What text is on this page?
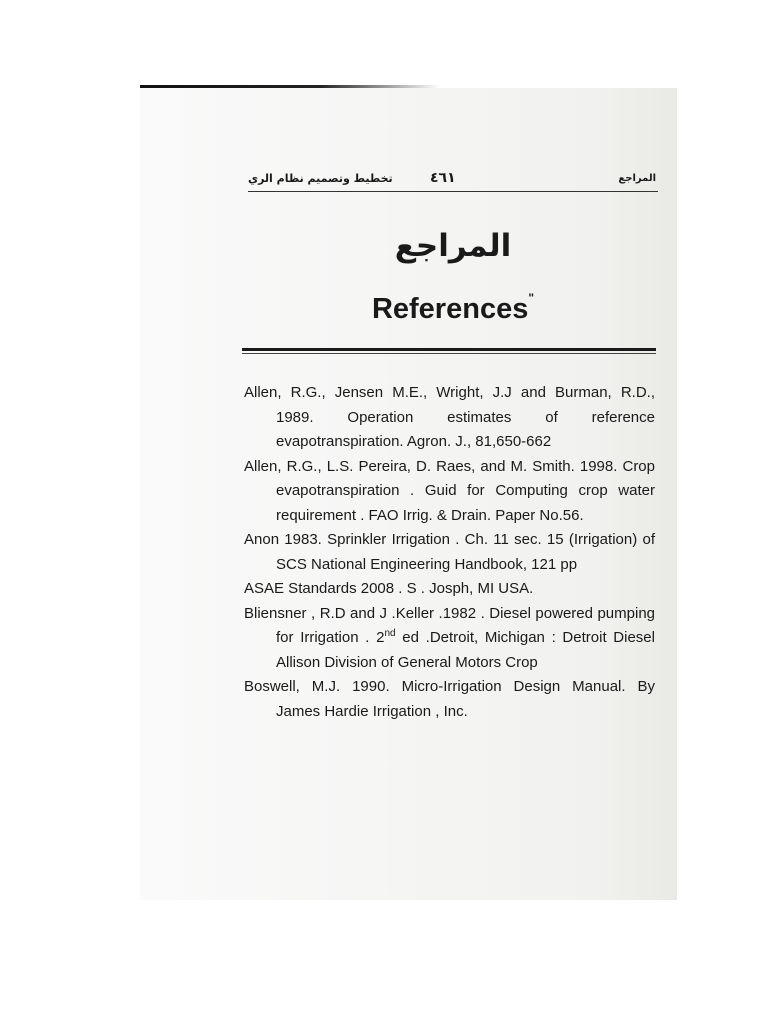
تخطيط وتصميم نظام الري	٤٦١	المراجع
المراجع
References"

Allen, R.G., Jensen M.E., Wright, J.J and Burman, R.D., 1989. Operation estimates of reference evapotranspiration. Agron. J., 81,650-662

Allen, R.G., L.S. Pereira, D. Raes, and M. Smith. 1998. Crop evapotranspiration . Guid for Computing crop water requirement . FAO Irrig. & Drain. Paper No.56.

Anon 1983. Sprinkler Irrigation . Ch. 11 sec. 15 (Irrigation) of SCS National Engineering Handbook, 121 pp

ASAE Standards 2008 . S . Josph, MI USA.

Bliensner , R.D and J .Keller .1982 . Diesel powered pumping for Irrigation . 2nd ed .Detroit, Michigan : Detroit Diesel Allison Division of General Motors Crop

Boswell, M.J. 1990. Micro-Irrigation Design Manual. By James Hardie Irrigation , Inc.
